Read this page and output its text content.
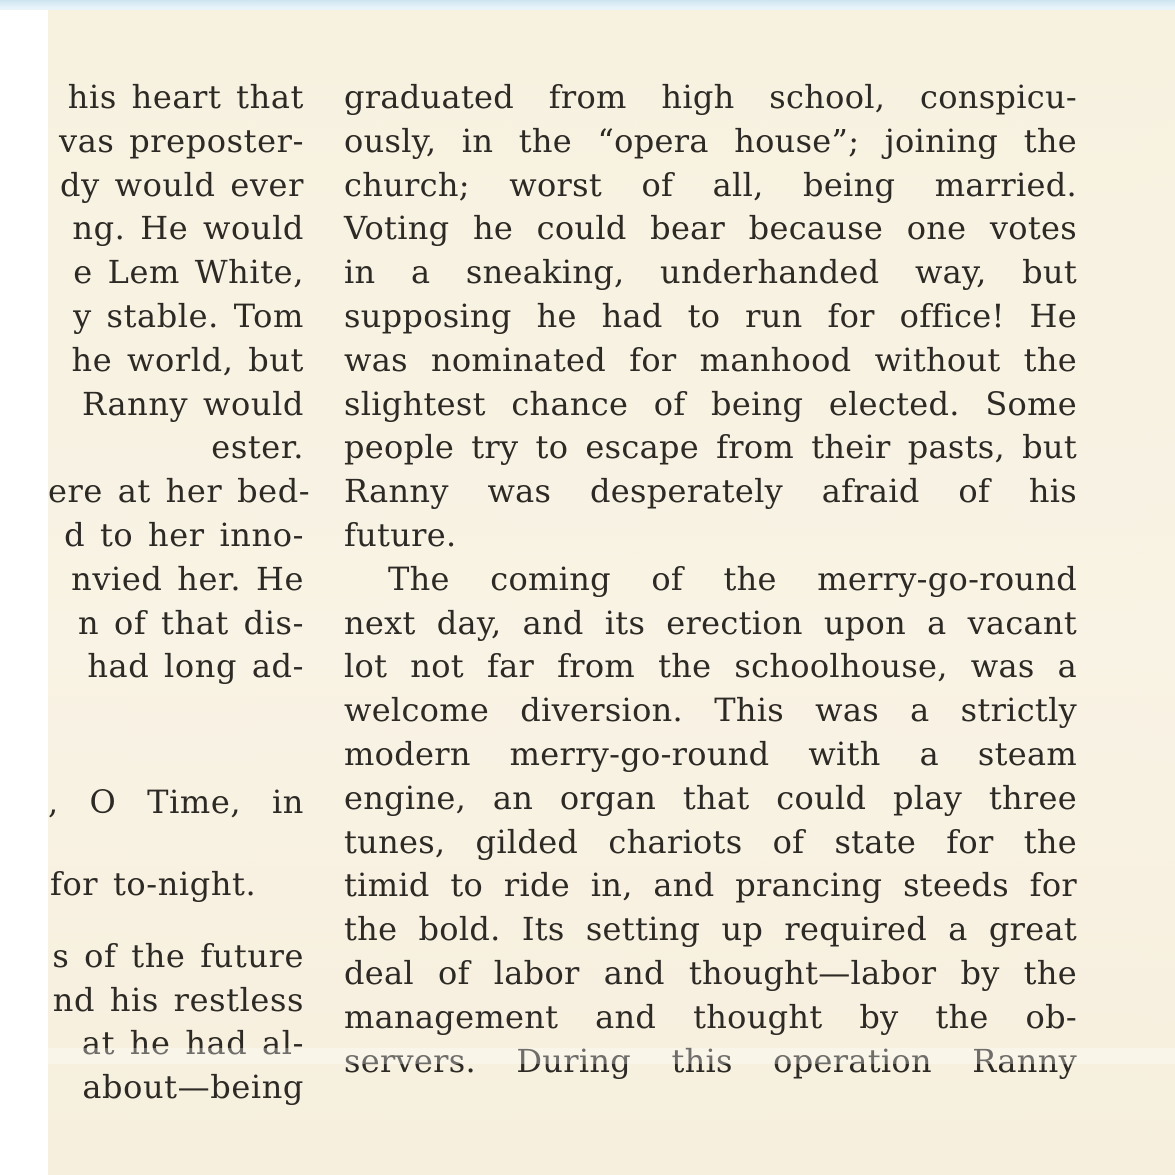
his heart that
vas preposter-
dy would ever
ng. He would
e Lem White,
y stable. Tom
he world, but
Ranny would
ester.
ere at her bed-
d to her inno-
nvied her. He
n of that dis-
had long ad-
, O Time, in
for to-night.
s of the future
nd his restless
at he had al-
about—being
graduated from high school, conspicu-
ously, in the “opera house”; joining the
church; worst of all, being married.
Voting he could bear because one votes
in a sneaking, underhanded way, but
supposing he had to run for office! He
was nominated for manhood without the
slightest chance of being elected. Some
people try to escape from their pasts, but
Ranny was desperately afraid of his
future.
The coming of the merry-go-round
next day, and its erection upon a vacant
lot not far from the schoolhouse, was a
welcome diversion. This was a strictly
modern merry-go-round with a steam
engine, an organ that could play three
tunes, gilded chariots of state for the
timid to ride in, and prancing steeds for
the bold. Its setting up required a great
deal of labor and thought—labor by the
management and thought by the ob-
servers. During this operation Ranny
